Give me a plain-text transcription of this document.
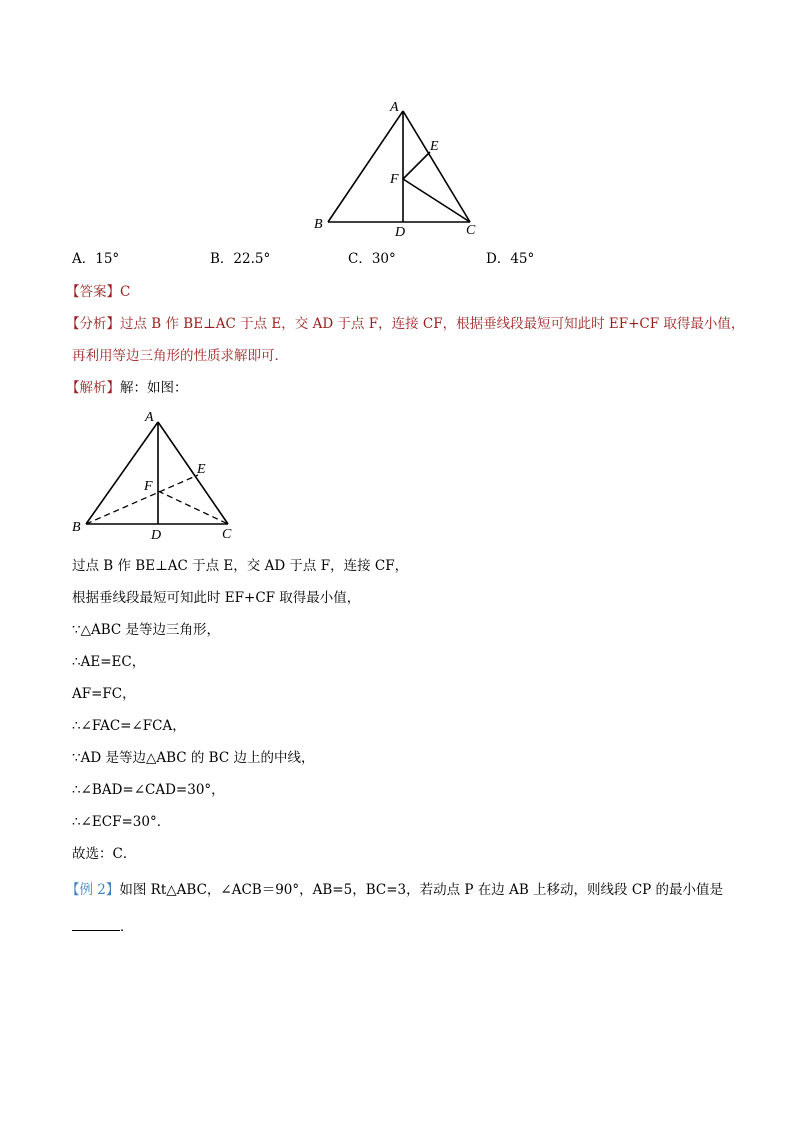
A
B	C
D
E
F
A．15°	B．22.5°	C．30°	D．45°
【答案】C
【分析】过点 B 作 BE⊥AC 于点 E，交 AD 于点 F，连接 CF，根据垂线段最短可知此时 EF+CF 取得最小值，
再利用等边三角形的性质求解即可．
【解析】解：如图：
A
B	C
D
E
F
过点 B 作 BE⊥AC 于点 E，交 AD 于点 F，连接 CF，
根据垂线段最短可知此时 EF+CF 取得最小值，
∵△ABC 是等边三角形，
∴AE=EC，
AF=FC，
∴∠FAC=∠FCA，
∵AD 是等边△ABC 的 BC 边上的中线，
∴∠BAD=∠CAD=30°，
∴∠ECF=30°．
故选：C．
【例 2】如图 Rt△ABC，∠ACB＝90°，AB=5，BC=3，若动点 P 在边 AB 上移动，则线段 CP 的最小值是
．
